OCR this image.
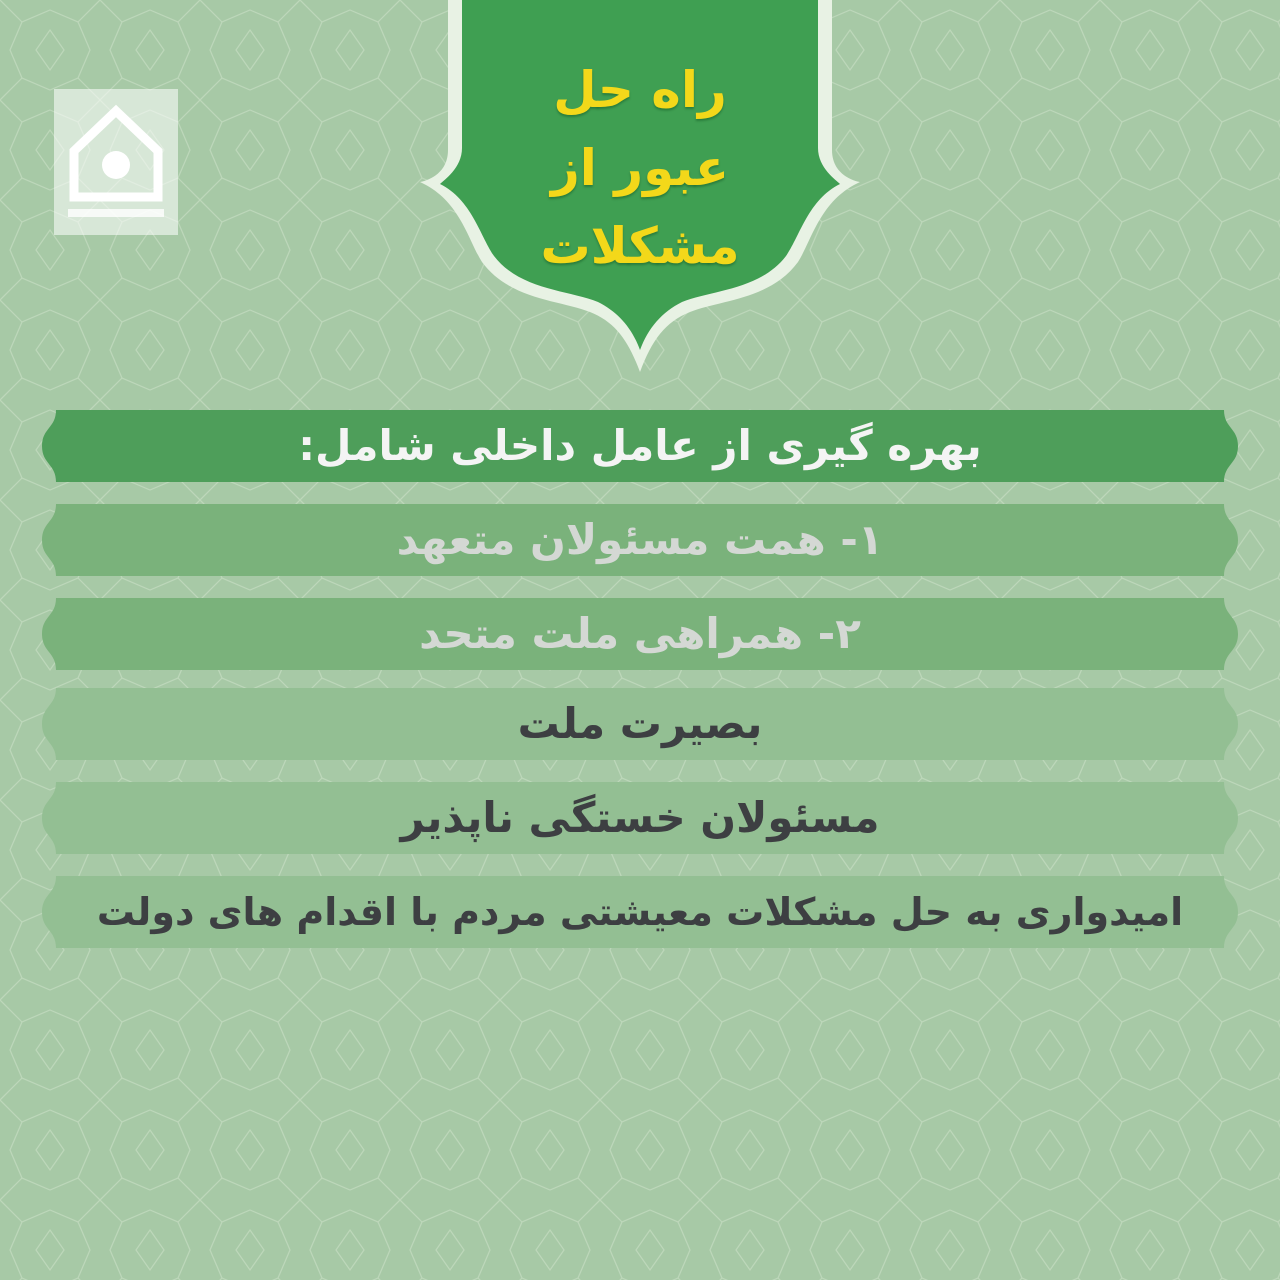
راه حل
عبور از
مشکلات
بهره گیری از عامل داخلی شامل:
۱- همت مسئولان متعهد
۲- همراهی ملت متحد
بصیرت ملت
مسئولان خستگی ناپذیر
امیدواری به حل مشکلات معیشتی مردم با اقدام های دولت
